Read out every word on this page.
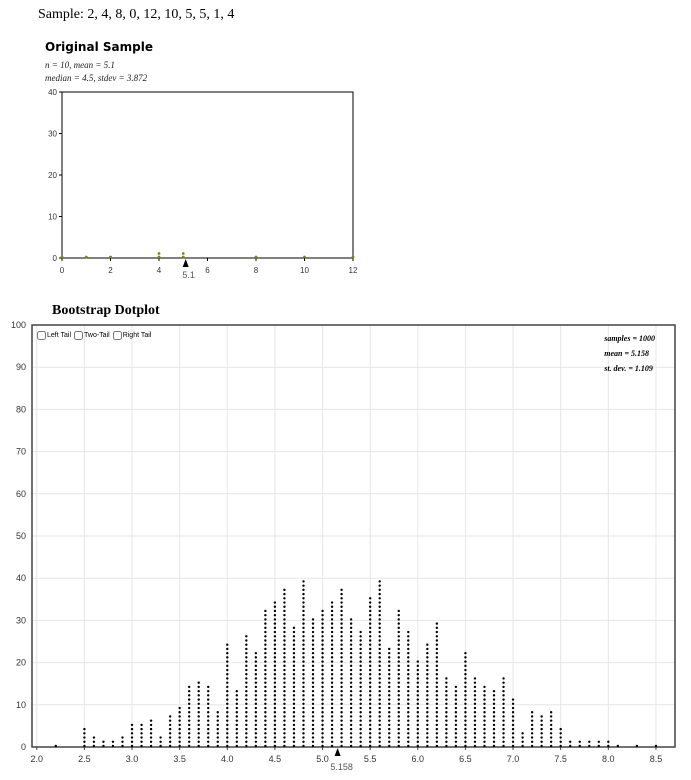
Sample: 2, 4, 8, 0, 12, 10, 5, 5, 1, 4
Original Sample
n = 10, mean = 5.1
median = 4.5, stdev = 3.872
0
10
20
30
40
0	2	4	6	8	10	12
5.1
Bootstrap Dotplot
0
10
20
30
40
50
60
70
80
90
100
2.0	2.5	3.0	3.5	4.0	4.5	5.0	5.5	6.0	6.5	7.0	7.5	8.0	8.5
5.158
Left Tail Two-Tail Right Tail	samples = 1000
mean = 5.158
st. dev. = 1.109
